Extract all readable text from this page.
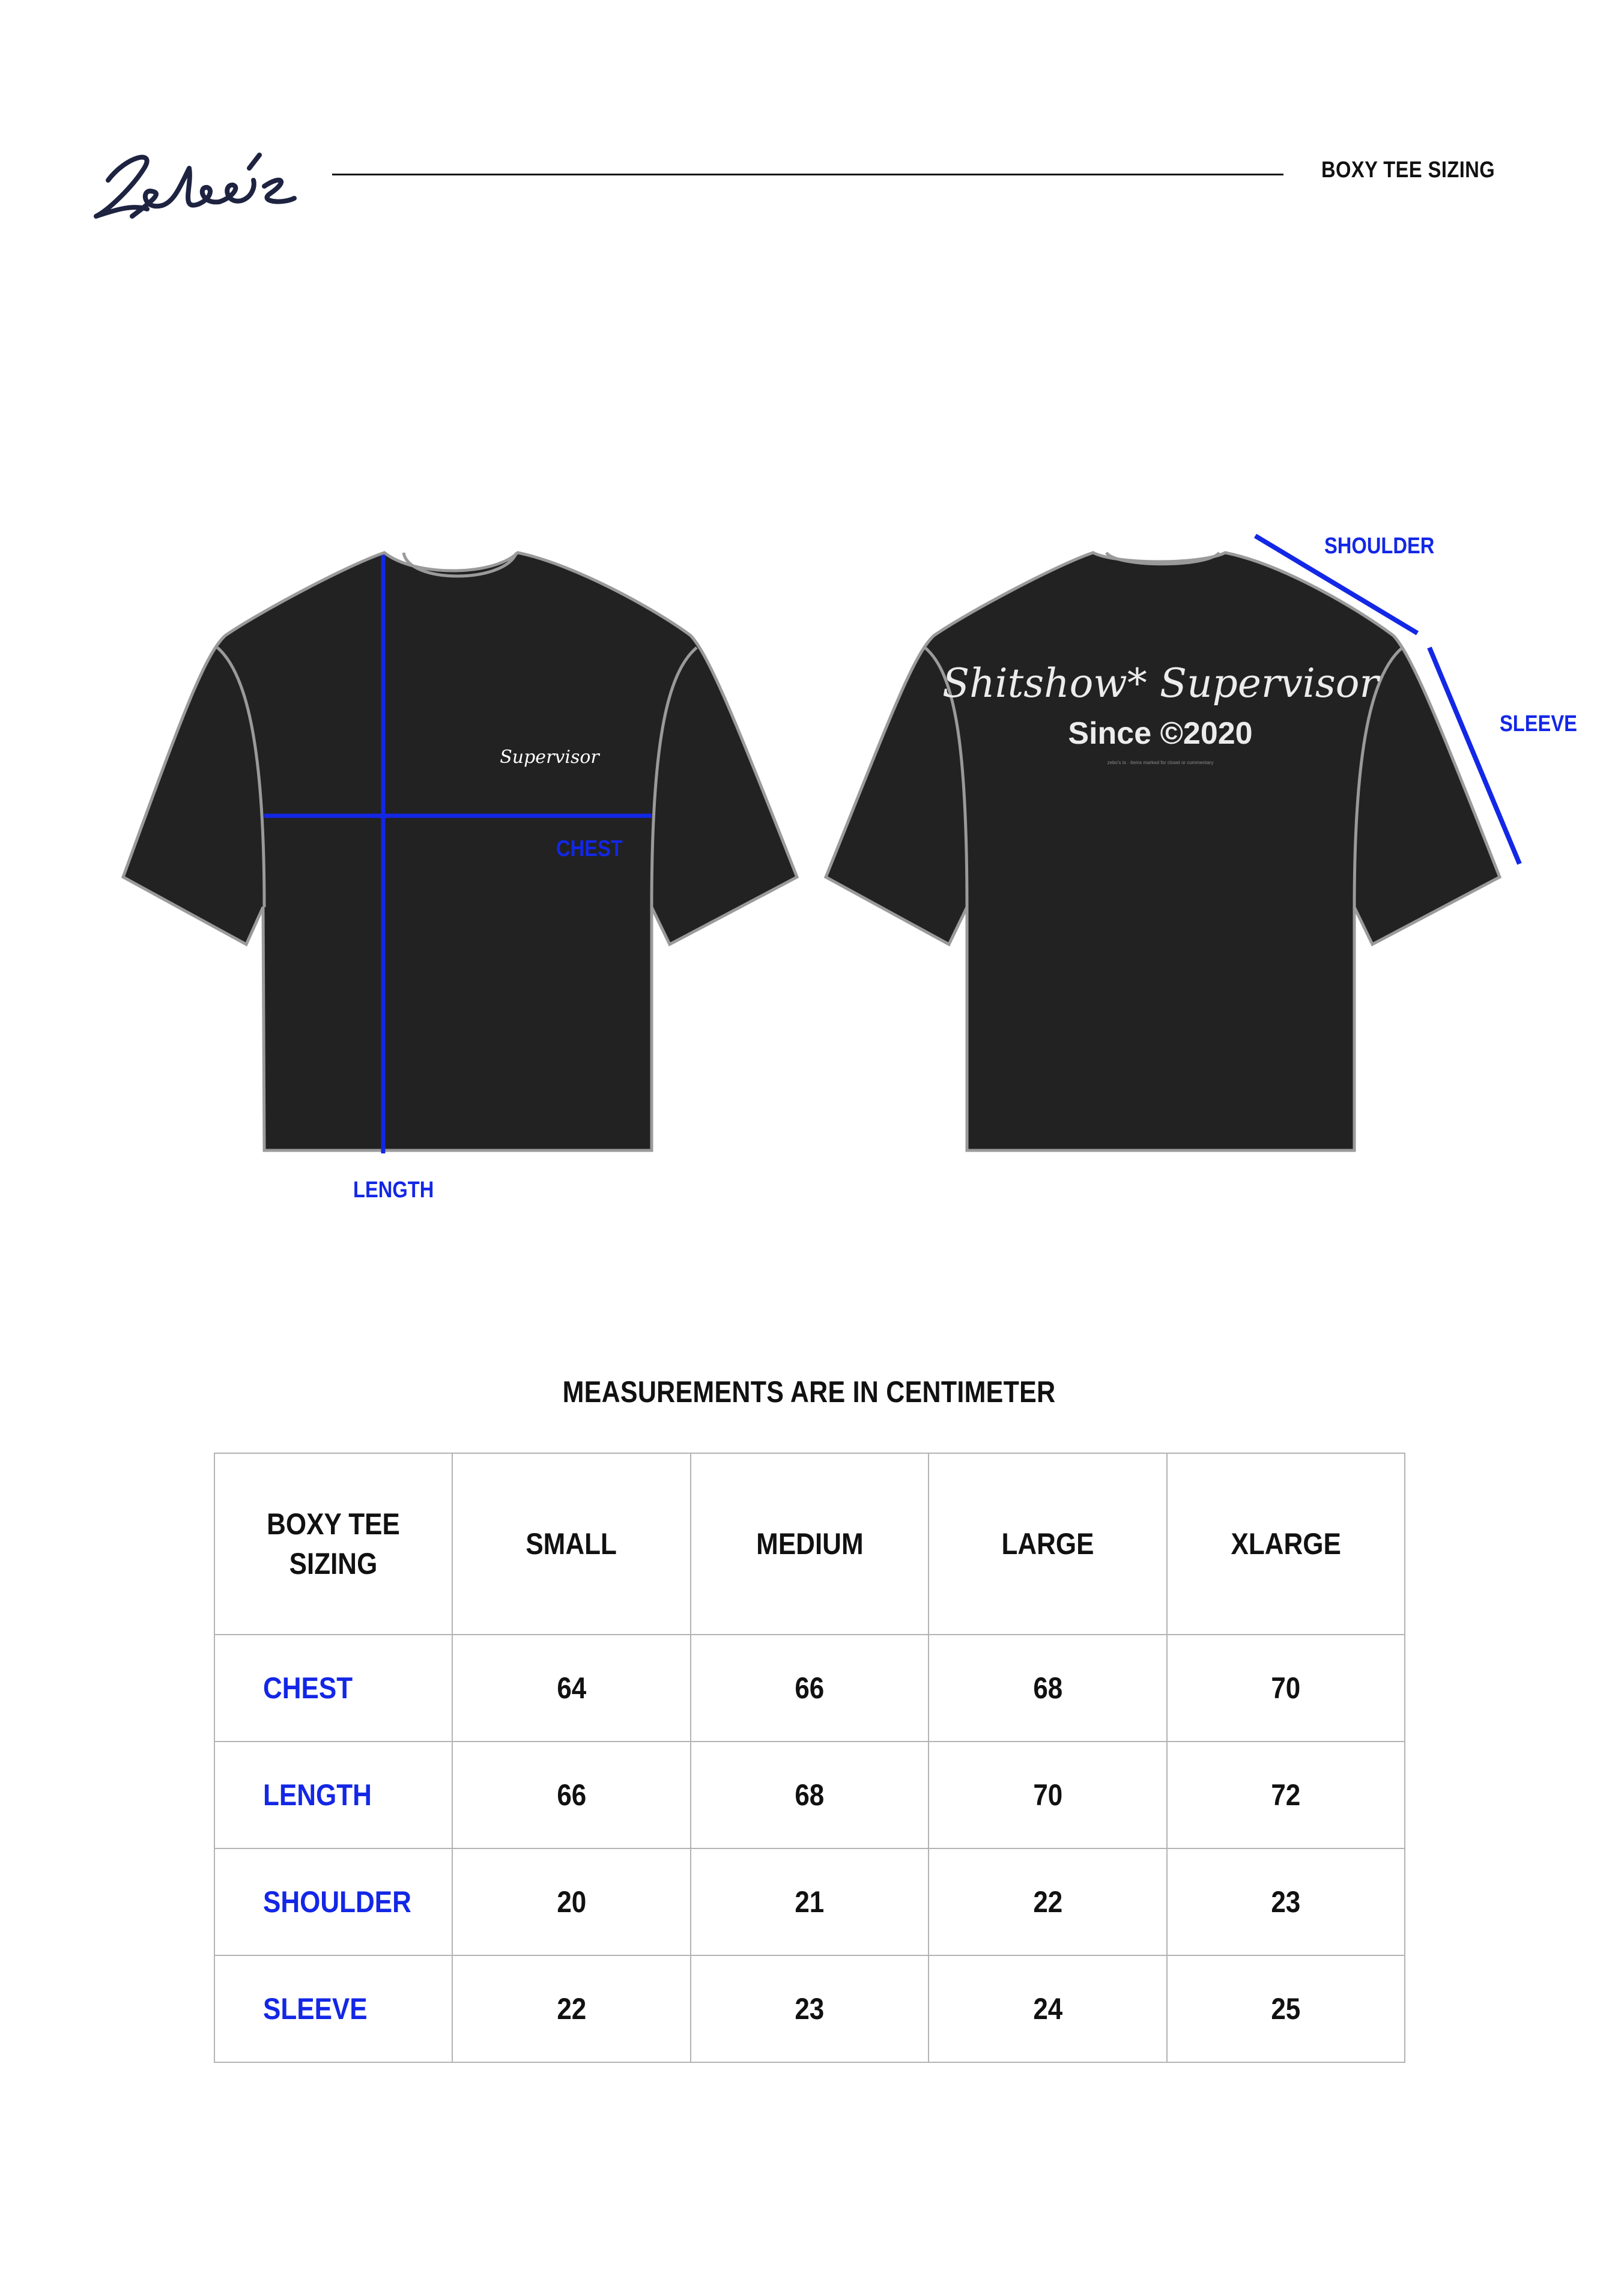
BOXY TEE SIZING
Supervisor
Shitshow* Supervisor
Since ©2020
zebo's ts · items marked for closet or commentary
CHEST
LENGTH
SHOULDER
SLEEVE
MEASUREMENTS ARE IN CENTIMETER
BOXY TEE
SIZING	SMALL	MEDIUM	LARGE	XLARGE
CHEST	64	66	68	70
LENGTH	66	68	70	72
SHOULDER	20	21	22	23
SLEEVE	22	23	24	25
